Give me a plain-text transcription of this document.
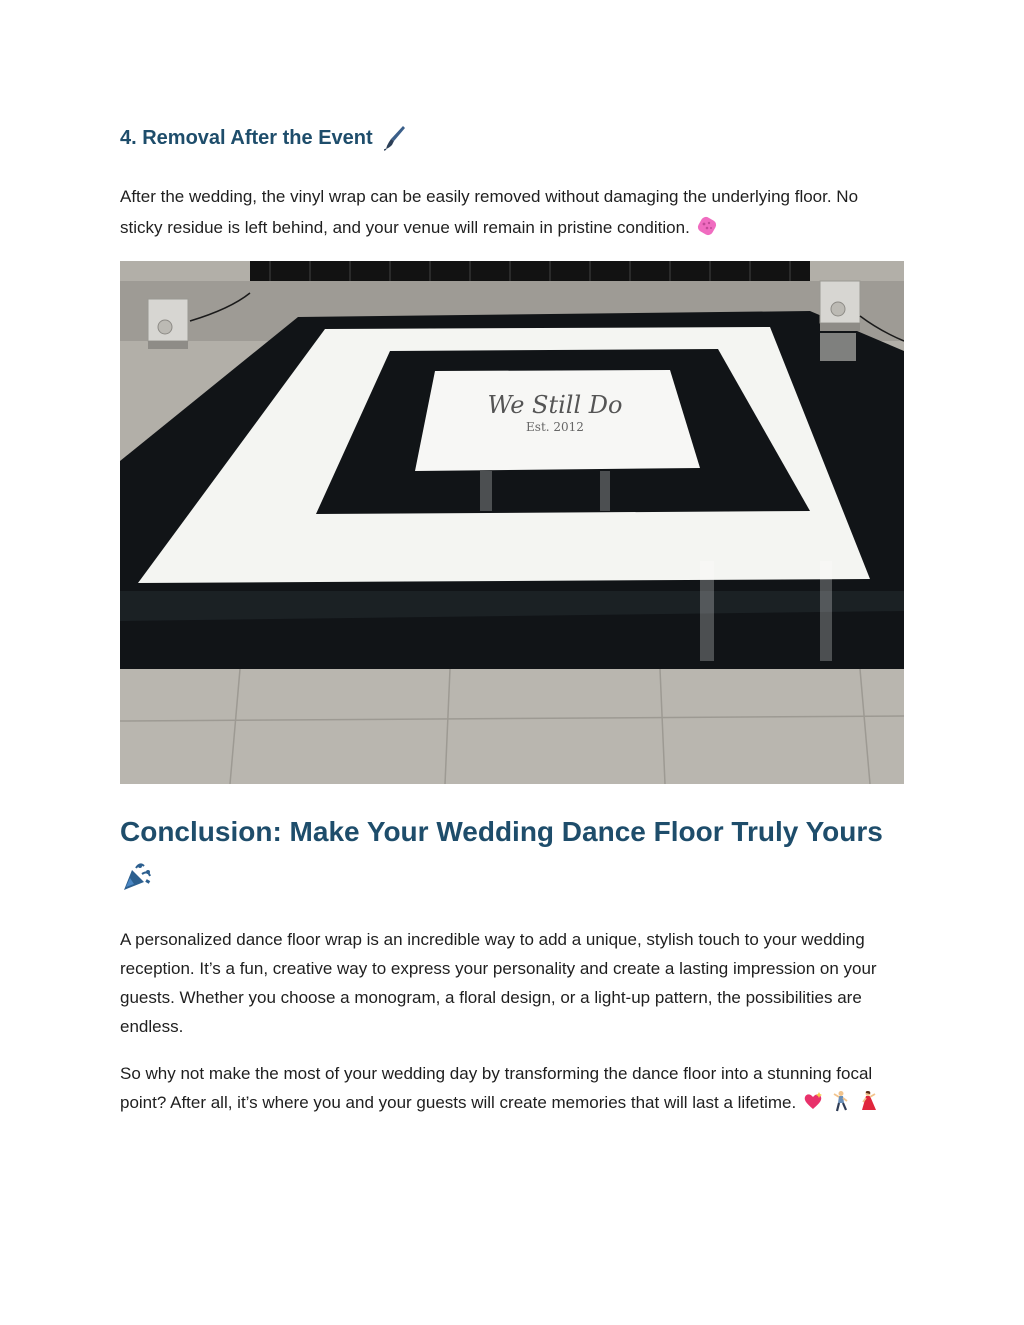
4. Removal After the Event

After the wedding, the vinyl wrap can be easily removed without damaging the underlying floor. No sticky residue is left behind, and your venue will remain in pristine condition.

We Still Do
Est. 2012
Conclusion: Make Your Wedding Dance Floor Truly Yours

A personalized dance floor wrap is an incredible way to add a unique, stylish touch to your wedding reception. It’s a fun, creative way to express your personality and create a lasting impression on your guests. Whether you choose a monogram, a floral design, or a light-up pattern, the possibilities are endless.

So why not make the most of your wedding day by transforming the dance floor into a stunning focal point? After all, it’s where you and your guests will create memories that will last a lifetime.
